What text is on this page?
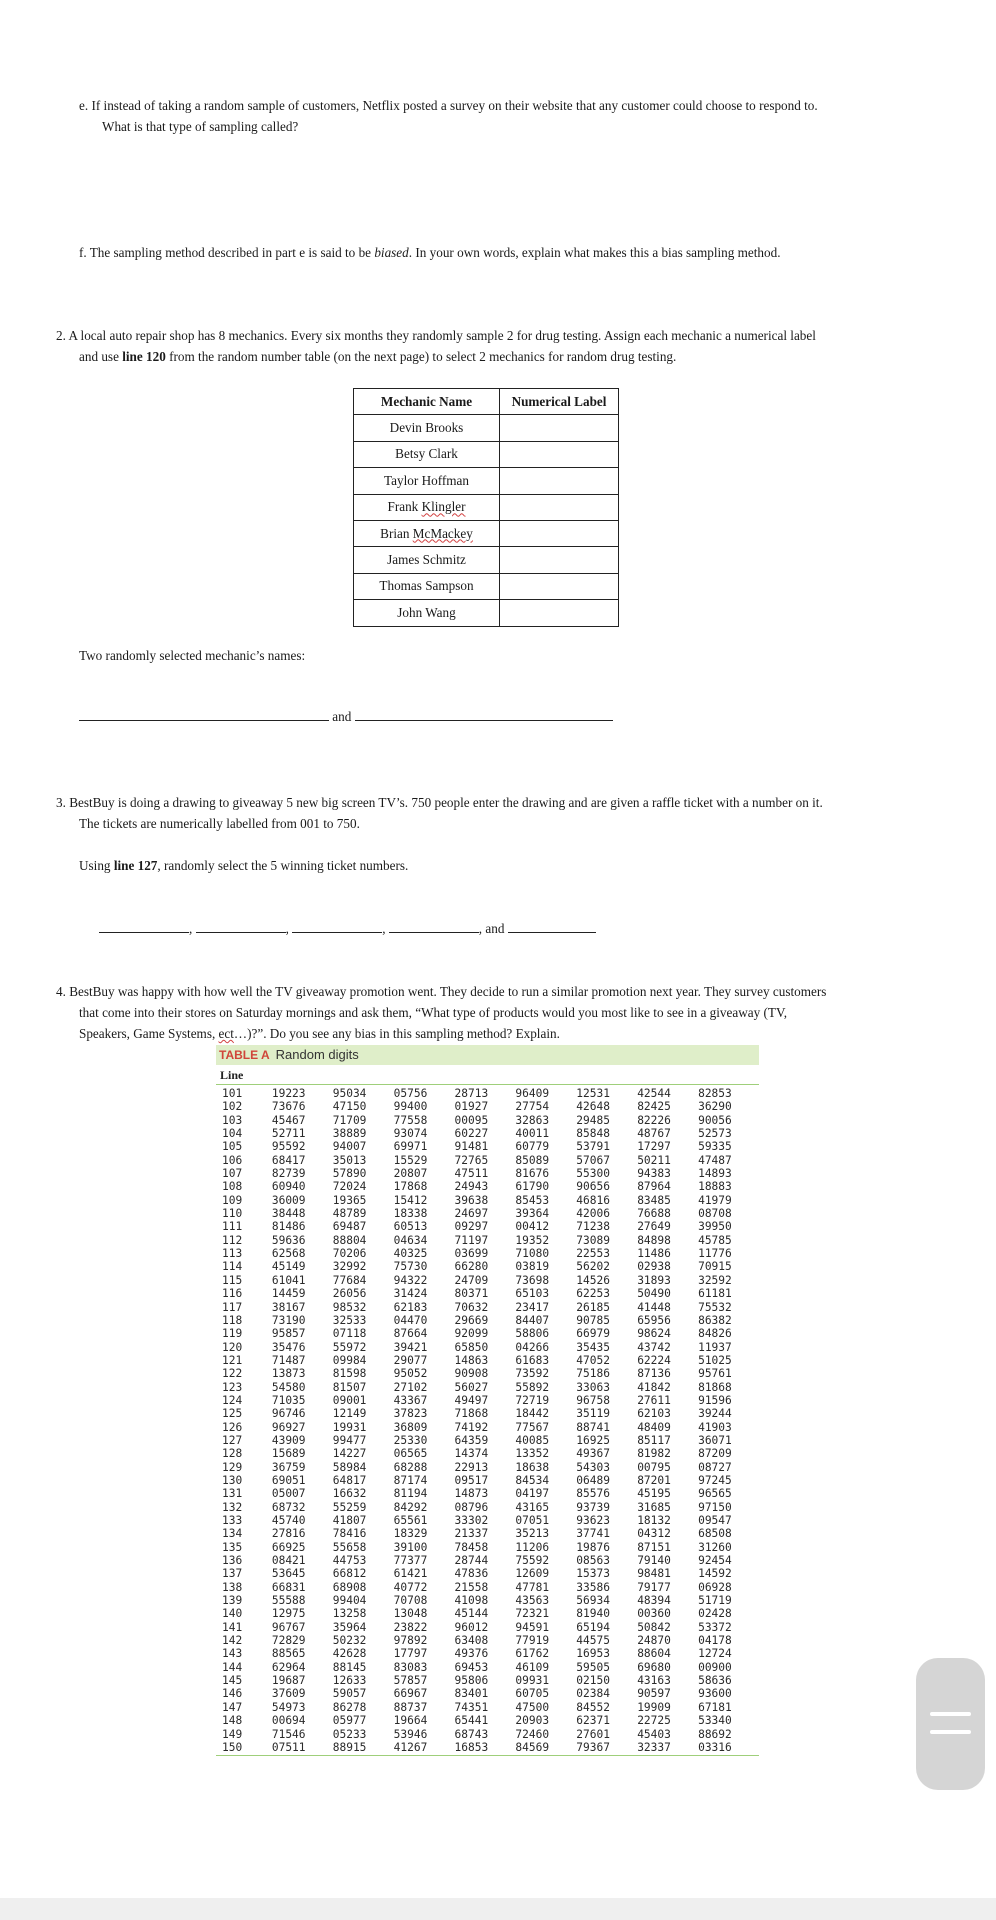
e. If instead of taking a random sample of customers, Netflix posted a survey on their website that any customer could choose to respond to.
What is that type of sampling called?
f. The sampling method described in part e is said to be biased. In your own words, explain what makes this a bias sampling method.
2. A local auto repair shop has 8 mechanics. Every six months they randomly sample 2 for drug testing. Assign each mechanic a numerical label
and use line 120 from the random number table (on the next page) to select 2 mechanics for random drug testing.
Mechanic Name	Numerical Label
Devin Brooks	
Betsy Clark	
Taylor Hoffman	
Frank Klingler	
Brian McMackey	
James Schmitz	
Thomas Sampson	
John Wang	
Two randomly selected mechanic’s names:
and
3. BestBuy is doing a drawing to giveaway 5 new big screen TV’s. 750 people enter the drawing and are given a raffle ticket with a number on it.
The tickets are numerically labelled from 001 to 750.
Using line 127, randomly select the 5 winning ticket numbers.
,	,	,	, and
4. BestBuy was happy with how well the TV giveaway promotion went. They decide to run a similar promotion next year. They survey customers
that come into their stores on Saturday mornings and ask them, “What type of products would you most like to see in a giveaway (TV,
Speakers, Game Systems, ect…)?”. Do you see any bias in this sampling method? Explain.
TABLE A Random digits
Line
101	19223	95034	05756	28713	96409	12531	42544	82853
102	73676	47150	99400	01927	27754	42648	82425	36290
103	45467	71709	77558	00095	32863	29485	82226	90056
104	52711	38889	93074	60227	40011	85848	48767	52573
105	95592	94007	69971	91481	60779	53791	17297	59335
106	68417	35013	15529	72765	85089	57067	50211	47487
107	82739	57890	20807	47511	81676	55300	94383	14893
108	60940	72024	17868	24943	61790	90656	87964	18883
109	36009	19365	15412	39638	85453	46816	83485	41979
110	38448	48789	18338	24697	39364	42006	76688	08708
111	81486	69487	60513	09297	00412	71238	27649	39950
112	59636	88804	04634	71197	19352	73089	84898	45785
113	62568	70206	40325	03699	71080	22553	11486	11776
114	45149	32992	75730	66280	03819	56202	02938	70915
115	61041	77684	94322	24709	73698	14526	31893	32592
116	14459	26056	31424	80371	65103	62253	50490	61181
117	38167	98532	62183	70632	23417	26185	41448	75532
118	73190	32533	04470	29669	84407	90785	65956	86382
119	95857	07118	87664	92099	58806	66979	98624	84826
120	35476	55972	39421	65850	04266	35435	43742	11937
121	71487	09984	29077	14863	61683	47052	62224	51025
122	13873	81598	95052	90908	73592	75186	87136	95761
123	54580	81507	27102	56027	55892	33063	41842	81868
124	71035	09001	43367	49497	72719	96758	27611	91596
125	96746	12149	37823	71868	18442	35119	62103	39244
126	96927	19931	36809	74192	77567	88741	48409	41903
127	43909	99477	25330	64359	40085	16925	85117	36071
128	15689	14227	06565	14374	13352	49367	81982	87209
129	36759	58984	68288	22913	18638	54303	00795	08727
130	69051	64817	87174	09517	84534	06489	87201	97245
131	05007	16632	81194	14873	04197	85576	45195	96565
132	68732	55259	84292	08796	43165	93739	31685	97150
133	45740	41807	65561	33302	07051	93623	18132	09547
134	27816	78416	18329	21337	35213	37741	04312	68508
135	66925	55658	39100	78458	11206	19876	87151	31260
136	08421	44753	77377	28744	75592	08563	79140	92454
137	53645	66812	61421	47836	12609	15373	98481	14592
138	66831	68908	40772	21558	47781	33586	79177	06928
139	55588	99404	70708	41098	43563	56934	48394	51719
140	12975	13258	13048	45144	72321	81940	00360	02428
141	96767	35964	23822	96012	94591	65194	50842	53372
142	72829	50232	97892	63408	77919	44575	24870	04178
143	88565	42628	17797	49376	61762	16953	88604	12724
144	62964	88145	83083	69453	46109	59505	69680	00900
145	19687	12633	57857	95806	09931	02150	43163	58636
146	37609	59057	66967	83401	60705	02384	90597	93600
147	54973	86278	88737	74351	47500	84552	19909	67181
148	00694	05977	19664	65441	20903	62371	22725	53340
149	71546	05233	53946	68743	72460	27601	45403	88692
150	07511	88915	41267	16853	84569	79367	32337	03316
